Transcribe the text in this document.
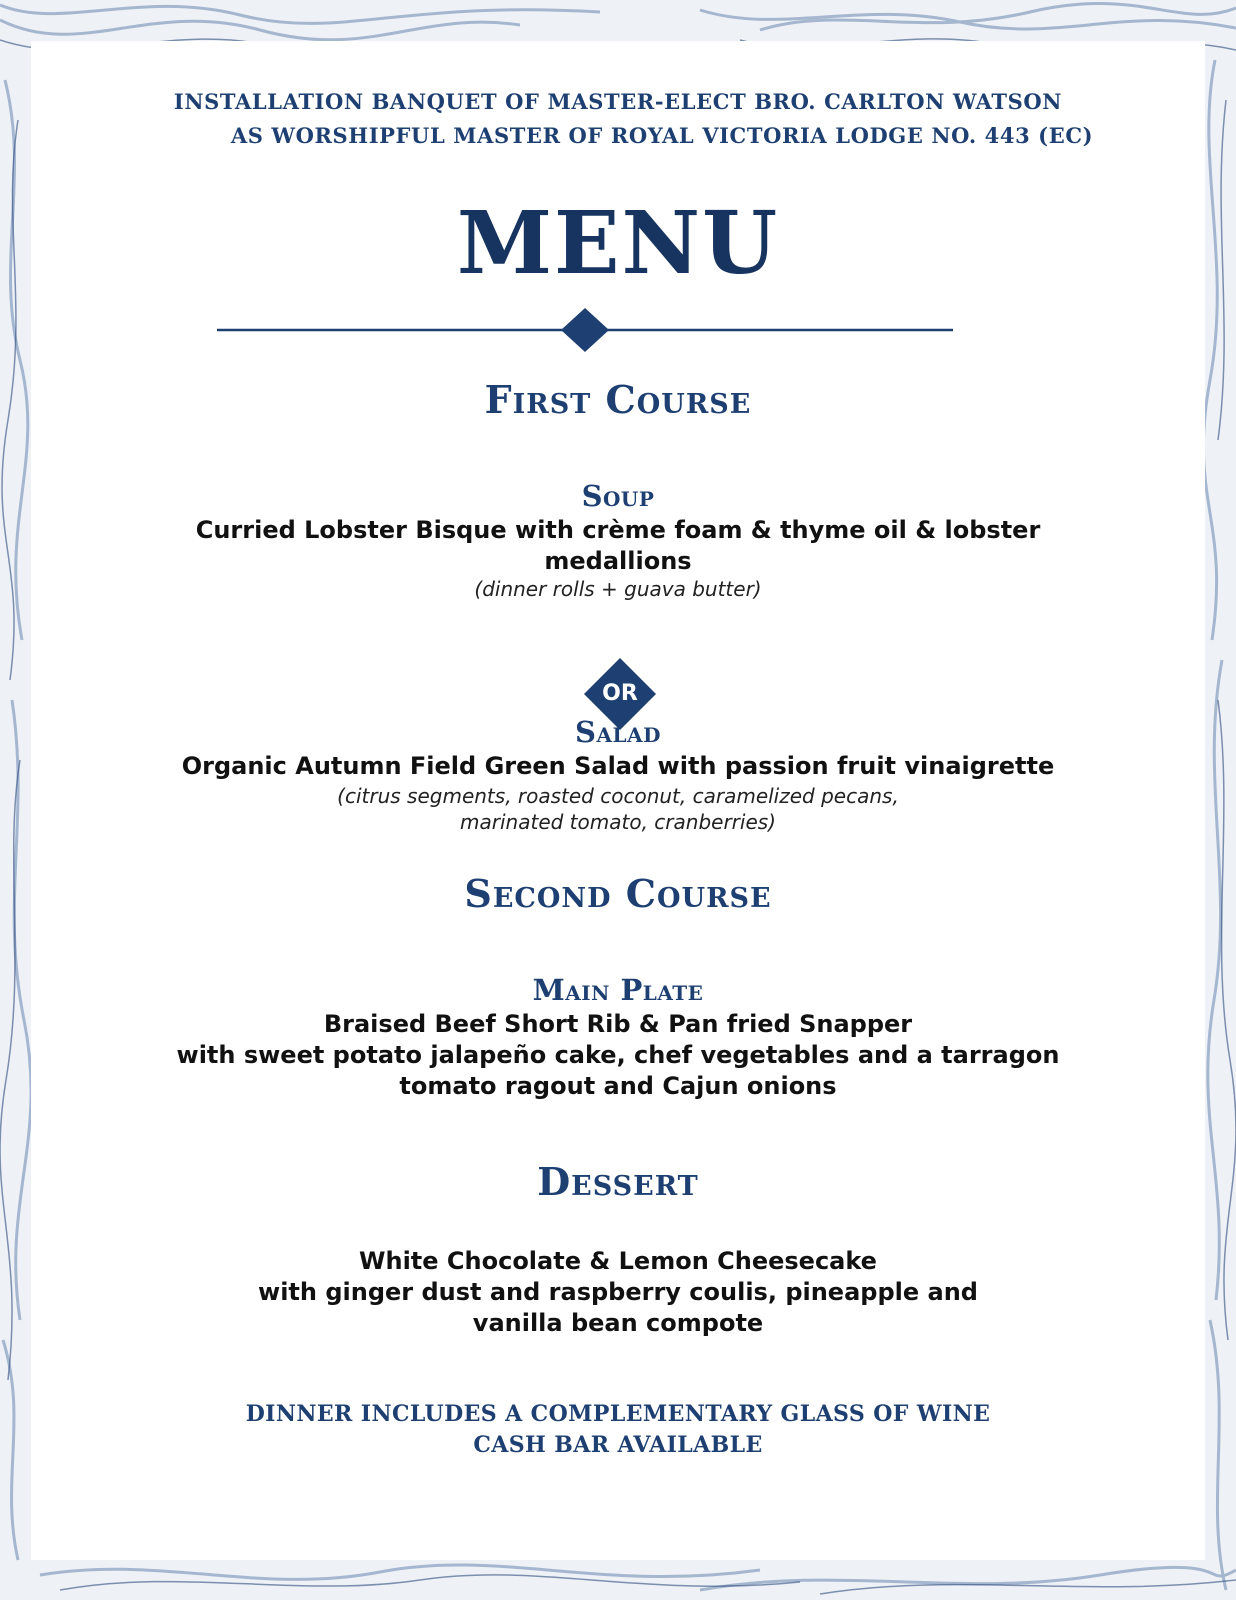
INSTALLATION BANQUET OF MASTER-ELECT BRO. CARLTON WATSON

AS WORSHIPFUL MASTER OF ROYAL VICTORIA LODGE NO. 443 (EC)

MENU

First Course

Soup

Curried Lobster Bisque with crème foam & thyme oil & lobster

medallions

(dinner rolls + guava butter)

OR

Salad

Organic Autumn Field Green Salad with passion fruit vinaigrette

(citrus segments, roasted coconut, caramelized pecans,

marinated tomato, cranberries)

Second Course

Main Plate

Braised Beef Short Rib & Pan fried Snapper

with sweet potato jalapeño cake, chef vegetables and a tarragon

tomato ragout and Cajun onions

Dessert

White Chocolate & Lemon Cheesecake

with ginger dust and raspberry coulis, pineapple and

vanilla bean compote

DINNER INCLUDES A COMPLEMENTARY GLASS OF WINE

CASH BAR AVAILABLE
